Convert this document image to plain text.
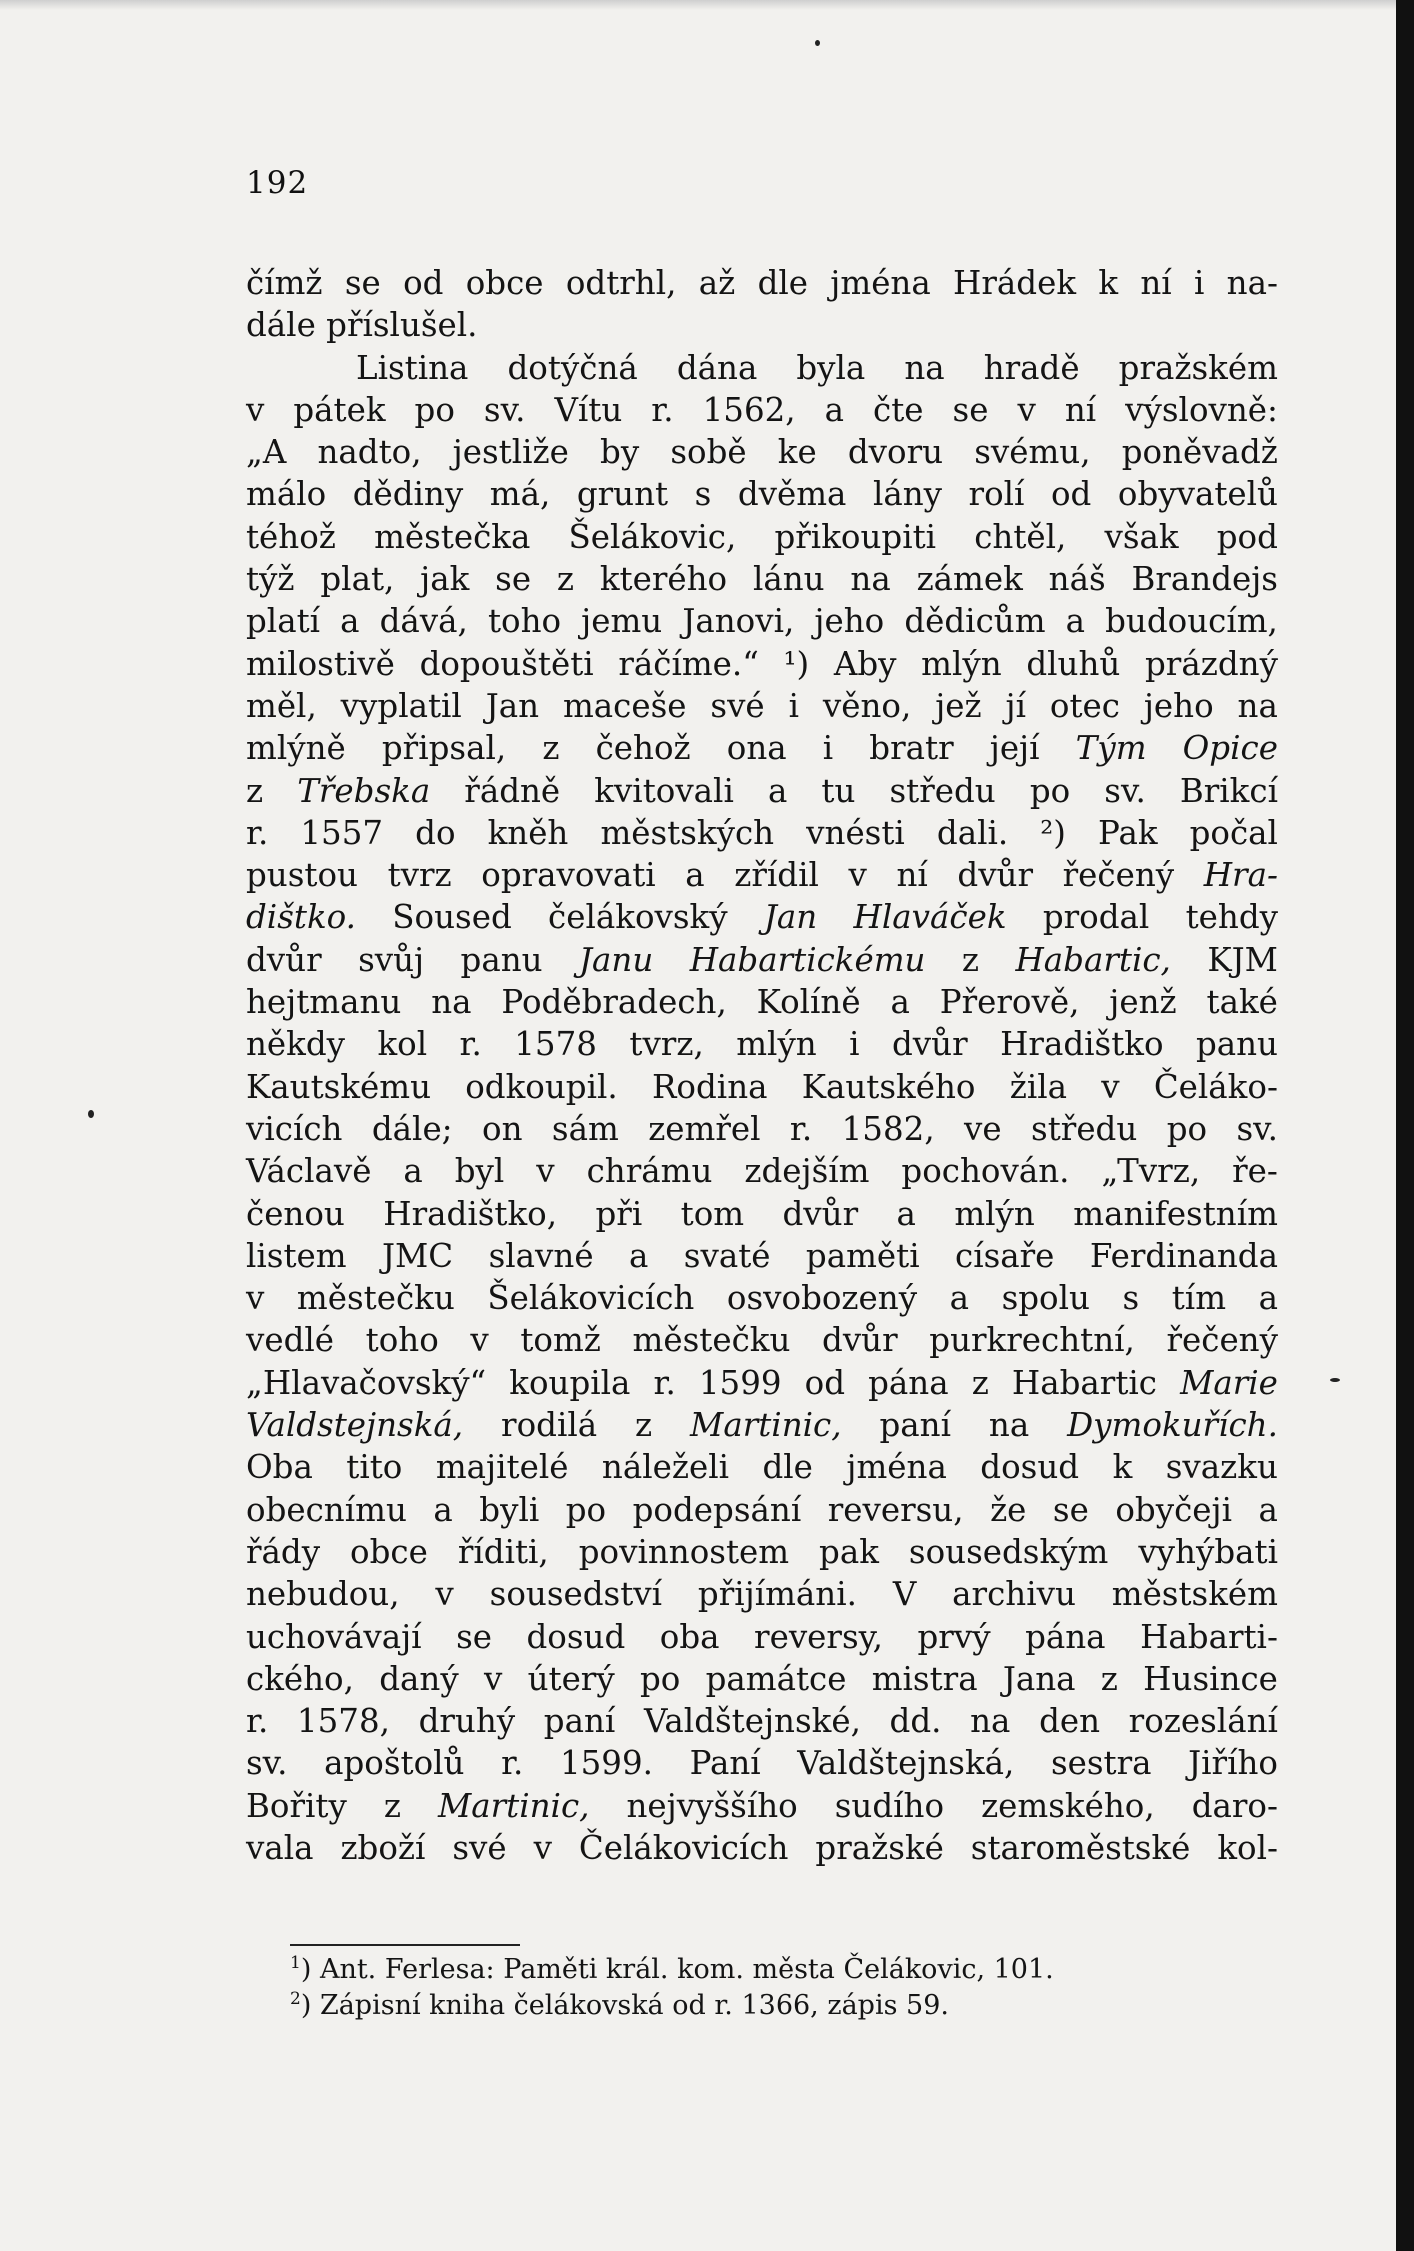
192
čímž se od obce odtrhl, až dle jména Hrádek k ní i na-
dále příslušel.
Listina dotýčná dána byla na hradě pražském
v pátek po sv. Vítu r. 1562, a čte se v ní výslovně:
„A nadto, jestliže by sobě ke dvoru svému, poněvadž
málo dědiny má, grunt s dvěma lány rolí od obyvatelů
téhož městečka Šelákovic, přikoupiti chtěl, však pod
týž plat, jak se z kterého lánu na zámek náš Brandejs
platí a dává, toho jemu Janovi, jeho dědicům a budoucím,
milostivě dopouštěti ráčíme.“ ¹) Aby mlýn dluhů prázdný
měl, vyplatil Jan maceše své i věno, jež jí otec jeho na
mlýně připsal, z čehož ona i bratr její Tým Opice
z Třebska řádně kvitovali a tu středu po sv. Brikcí
r. 1557 do kněh městských vnésti dali. ²) Pak počal
pustou tvrz opravovati a zřídil v ní dvůr řečený Hra-
dištko. Soused čelákovský Jan Hlaváček prodal tehdy
dvůr svůj panu Janu Habartickému z Habartic, KJM
hejtmanu na Poděbradech, Kolíně a Přerově, jenž také
někdy kol r. 1578 tvrz, mlýn i dvůr Hradištko panu
Kautskému odkoupil. Rodina Kautského žila v Čeláko-
vicích dále; on sám zemřel r. 1582, ve středu po sv.
Václavě a byl v chrámu zdejším pochován. „Tvrz, ře-
čenou Hradištko, při tom dvůr a mlýn manifestním
listem JMC slavné a svaté paměti císaře Ferdinanda
v městečku Šelákovicích osvobozený a spolu s tím a
vedlé toho v tomž městečku dvůr purkrechtní, řečený
„Hlavačovský“ koupila r. 1599 od pána z Habartic Marie
Valdstejnská, rodilá z Martinic, paní na Dymokuřích.
Oba tito majitelé náleželi dle jména dosud k svazku
obecnímu a byli po podepsání reversu, že se obyčeji a
řády obce říditi, povinnostem pak sousedským vyhýbati
nebudou, v sousedství přijímáni. V archivu městském
uchovávají se dosud oba reversy, prvý pána Habarti-
ckého, daný v úterý po památce mistra Jana z Husince
r. 1578, druhý paní Valdštejnské, dd. na den rozeslání
sv. apoštolů r. 1599. Paní Valdštejnská, sestra Jiřího
Bořity z Martinic, nejvyššího sudího zemského, daro-
vala zboží své v Čelákovicích pražské staroměstské kol-
$^1$) Ant. Ferlesa: Paměti král. kom. města Čelákovic, 101.
$^2$) Zápisní kniha čelákovská od r. 1366, zápis 59.
